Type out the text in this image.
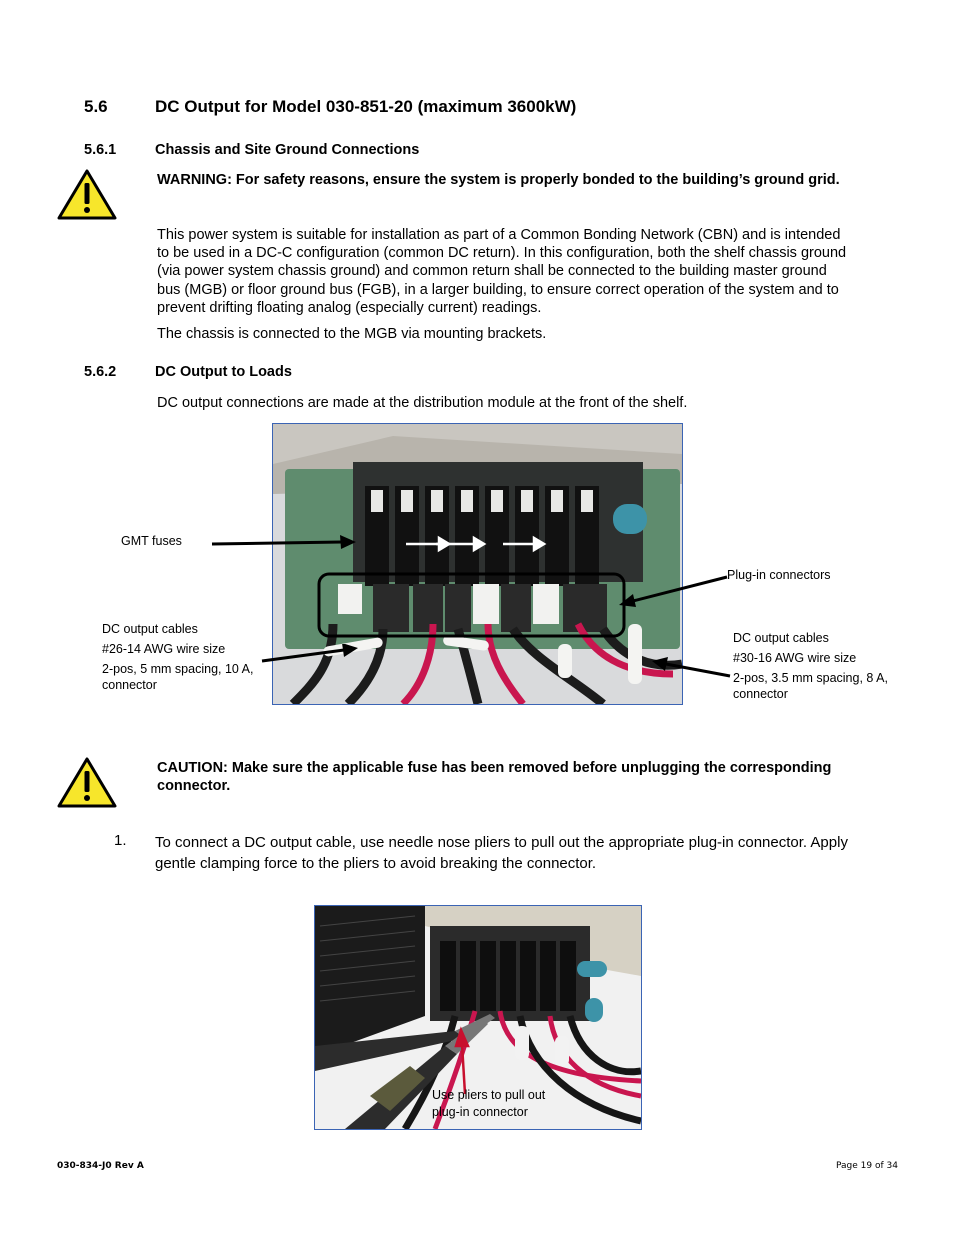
5.6	DC Output for Model 030-851-20 (maximum 3600kW)
5.6.1	Chassis and Site Ground Connections
WARNING: For safety reasons, ensure the system is properly bonded to the building’s ground grid.
This power system is suitable for installation as part of a Common Bonding Network (CBN) and is intended
to be used in a DC-C configuration (common DC return). In this configuration, both the shelf chassis ground
(via power system chassis ground) and common return shall be connected to the building master ground
bus (MGB) or floor ground bus (FGB), in a larger building, to ensure correct operation of the system and to
prevent drifting floating analog (especially current) readings.
The chassis is connected to the MGB via mounting brackets.
5.6.2	DC Output to Loads
DC output connections are made at the distribution module at the front of the shelf.
GMT fuses
Plug-in connectors
DC output cables
#26-14 AWG wire size
2-pos, 5 mm spacing, 10 A,
connector
DC output cables
#30-16 AWG wire size
2-pos, 3.5 mm spacing, 8 A,
connector
CAUTION: Make sure the applicable fuse has been removed before unplugging the corresponding
connector.
1. To connect a DC output cable, use needle nose pliers to pull out the appropriate plug-in connector. Apply
gentle clamping force to the pliers to avoid breaking the connector.
Use pliers to pull out
plug-in connector
030-834-J0 Rev A	Page 19 of 34
